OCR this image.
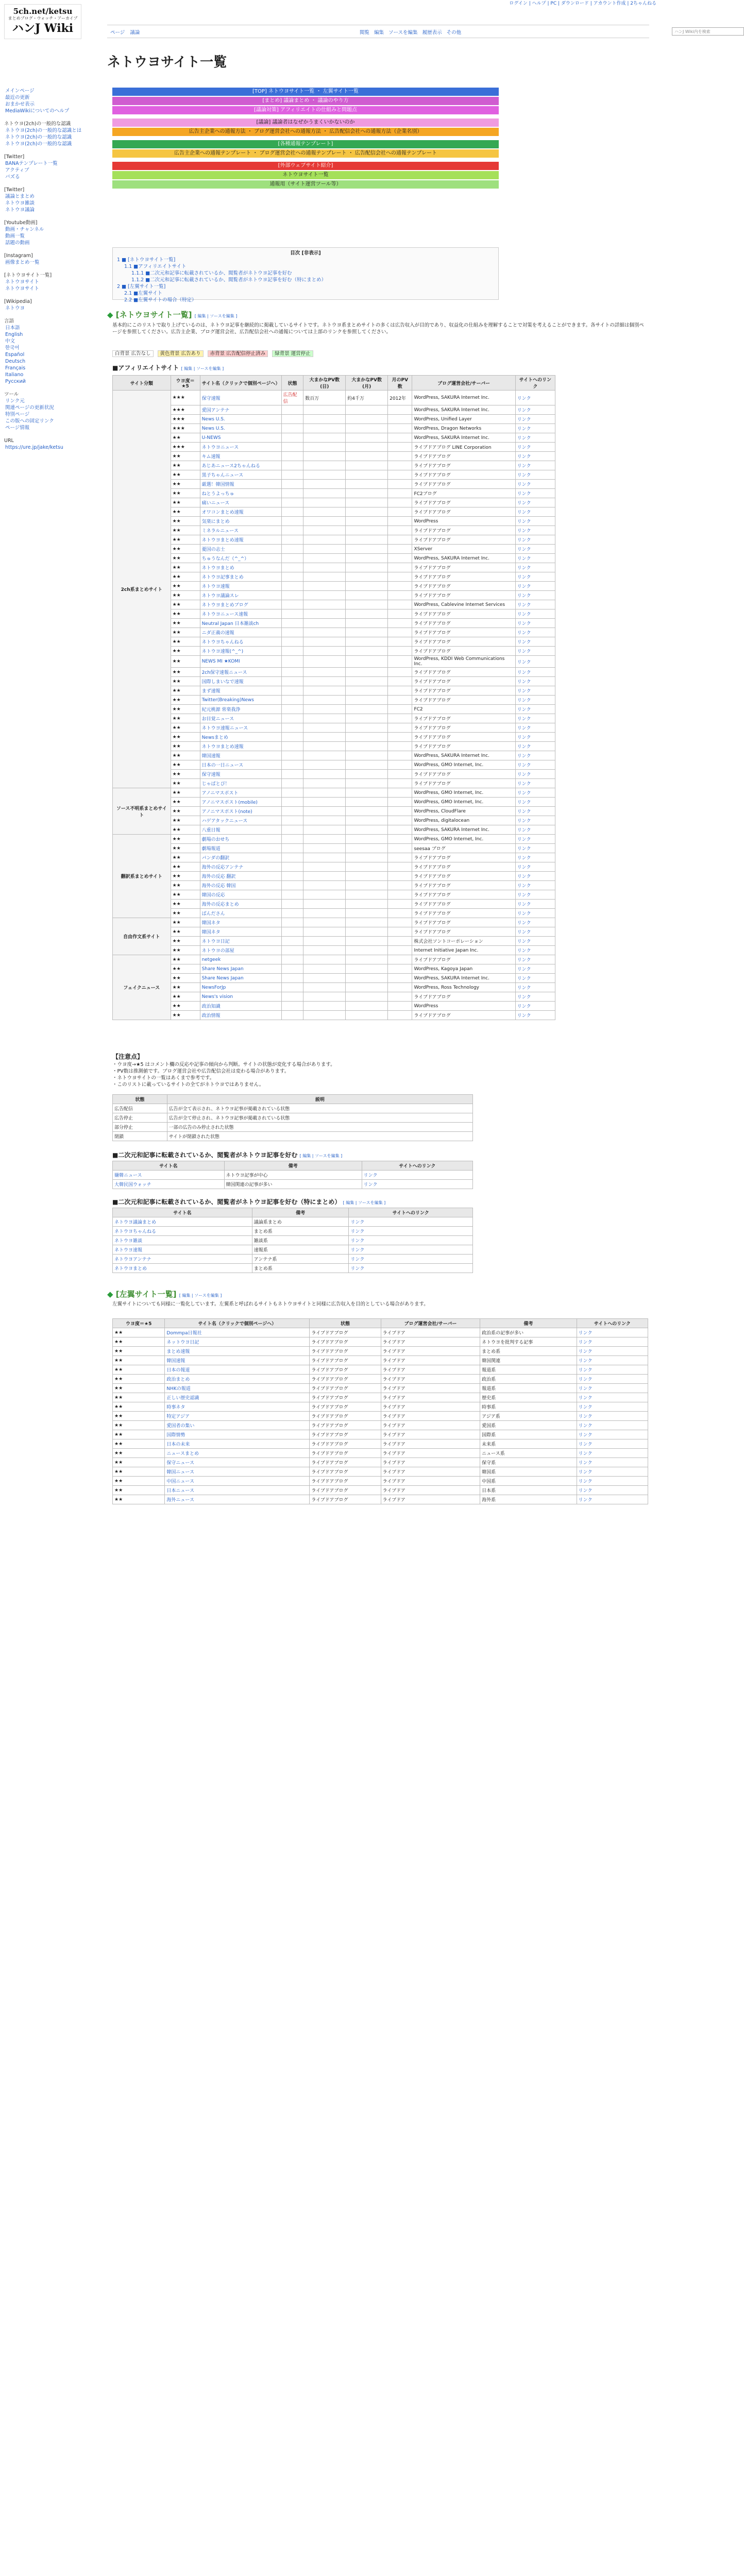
ログイン | ヘルプ | PC | ダウンロード | アカウント作成 | 2ちゃんねる
5ch.net/ketsu
まとめブログ・ウォッチ・アーカイブ
ハンJ Wiki
メインページ
最近の更新
おまかせ表示
MediaWikiについてのヘルプ
ネトウヨ(2ch)の一般的な認識
ネトウヨ(2ch)の一般的な認識とは
ネトウヨ(2ch)の一般的な認識
ネトウヨ(2ch)の一般的な認識
[Twitter]
BANAテンプレート一覧
アクティブ
バズる
[Twitter]
議論とまとめ
ネトウヨ雑談
ネトウヨ議論
[Youtube動画]
動画・チャンネル
動画一覧
話題の動画
[Instagram]
画像まとめ一覧
[ネトウヨサイト一覧]
ネトウヨサイト
ネトウヨサイト
[Wikipedia]
ネトウヨ
言語
日本語
English
中文
한국어
Español
Deutsch
Français
Italiano
Русский
ツール
リンク元
関連ページの更新状況
特別ページ
この版への固定リンク
ページ情報
URL
https://ure.jp/jake/ketsu
ページ 議論	閲覧 編集 ソースを編集 履歴表示 その他	ハンJ Wiki内を検索
ネトウヨサイト一覧
[TOP] ネトウヨサイト一覧 ・ 左翼サイト一覧
[まとめ] 議論まとめ ・ 議論のやり方
[議論対策] アフィリエイトの仕組みと問題点
[議論] 議論者はなぜかうまくいかないのか
広告主企業への通報方法 ・ ブログ運営会社への通報方法 ・ 広告配信会社への通報方法（企業名別）
[各種通報テンプレート]
広告主企業への通報テンプレート ・ ブログ運営会社への通報テンプレート ・ 広告配信会社への通報テンプレート
[外部ウェブサイト紹介]
ネトウヨサイト一覧
通報用（サイト運営ツール等）
目次 [非表示]
1 ■ [ネトウヨサイト一覧]
1.1 ■アフィリエイトサイト
1.1.1 ■二次元和記事に転載されているか、閲覧者がネトウヨ記事を好む
1.1.2 ■二次元和記事に転載されているか、閲覧者がネトウヨ記事を好む（特にまとめ）
2 ■ [左翼サイト一覧]
2.1 ■左翼サイト
2.2 ■左翼サイトの場合（特定）
◆ [ネトウヨサイト一覧] [ 編集 | ソースを編集 ]
基本的にこのリストで取り上げているのは、ネトウヨ記事を継続的に掲載しているサイトです。ネトウヨ系まとめサイトの多くは広告収入が目的であり、収益化の仕組みを理解することで対策を考えることができます。各サイトの詳細は個別ページを参照してください。広告主企業、ブログ運営会社、広告配信会社への通報については上部のリンクを参照してください。
白背景 広告なし 黄色背景 広告あり 赤背景 広告配信停止済み 緑背景 運営停止
■アフィリエイトサイト [ 編集 | ソースを編集 ]
サイト分類	ウヨ度＝★5	サイト名（クリックで個別ページへ）	状態	大まかなPV数(日)	大まかなPV数(月)	月のPV数	ブログ運営会社/サーバー	サイトへのリンク
2ch系まとめサイト	★★★	保守速報	広告配信	数百万	約4千万	2012年	WordPress, SAKURA Internet Inc.	リンク
	★★★	愛国アンテナ					WordPress, SAKURA Internet Inc.	リンク
	★★★	News U.S.					WordPress, Unified Layer	リンク
	★★★	News U.S.					WordPress, Dragon Networks	リンク
	★★	U-NEWS					WordPress, SAKURA Internet Inc.	リンク
	★★★	ネトウヨニュース					ライブドアブログ LINE Corporation	リンク
	★★	キム速報					ライブドアブログ	リンク
	★★	あじあニュース2ちゃんねる					ライブドアブログ	リンク
	★★	黒子ちゃんニュース					ライブドアブログ	リンク
	★★	厳選！韓国情報					ライブドアブログ	リンク
	★★	ねとうよっちゅ					FC2ブログ	リンク
	★★	痛いニュース					ライブドアブログ	リンク
	★★	オワコンまとめ速報					ライブドアブログ	リンク
	★★	気楽にまとめ					WordPress	リンク
	★★	ミネラルニュース					ライブドアブログ	リンク
	★★	ネトウヨまとめ速報					ライブドアブログ	リンク
	★★	憂国の志士					XServer	リンク
	★★	ちゅうなんだ（^_^）					WordPress, SAKURA Internet Inc.	リンク
	★★	ネトウヨまとめ					ライブドアブログ	リンク
	★★	ネトウヨ記事まとめ					ライブドアブログ	リンク
	★★	ネトウヨ速報					ライブドアブログ	リンク
	★★	ネトウヨ議論スレ					ライブドアブログ	リンク
	★★	ネトウヨまとめブログ					WordPress, Cablevine Internet Services	リンク
	★★	ネトウヨニュース速報					ライブドアブログ	リンク
	★★	Neutral Japan 日本雑談ch					ライブドアブログ	リンク
	★★	ニダ正義の速報					ライブドアブログ	リンク
	★★	ネトウヨちゃんねる					ライブドアブログ	リンク
	★★	ネトウヨ速報(^_^)					ライブドアブログ	リンク
	★★	NEWS MI ★KOMI					WordPress, KDDI Web Communications Inc.	リンク
	★★	2ch保守速報ニュース					ライブドアブログ	リンク
	★★	国際しまいなで速報					ライブドアブログ	リンク
	★★	まず速報					ライブドアブログ	リンク
	★★	Twitter(Breaking)News					ライブドアブログ	リンク
	★★	紀元桃源 常楽我浄					FC2	リンク
	★★	お目覚ニュース					ライブドアブログ	リンク
	★★	ネトウヨ速報ニュース					ライブドアブログ	リンク
	★★	Newsまとめ					ライブドアブログ	リンク
	★★	ネトウヨまとめ速報					ライブドアブログ	リンク
	★★	韓国速報					WordPress, SAKURA Internet Inc.	リンク
	★★	日本の一日ニュース					WordPress, GMO Internet, Inc.	リンク
	★★	保守速報					ライブドアブログ	リンク
	★★	じゃぱとぴ！					ライブドアブログ	リンク
ソース不明系まとめサイト	★★	アノニマスポスト					WordPress, GMO Internet, Inc.	リンク
	★★	アノニマスポスト(mobile)					WordPress, GMO Internet, Inc.	リンク
	★★	アノニマスポスト(note)					WordPress, CloudFlare	リンク
	★★	ハゲアタックニュース					WordPress, digitalocean	リンク
	★★	八重日報					WordPress, SAKURA Internet Inc.	リンク
翻訳系まとめサイト	★★	劇場のおせち					WordPress, GMO Internet, Inc.	リンク
	★★	劇場報道					seesaa ブログ	リンク
	★★	パンダの翻訳					ライブドアブログ	リンク
	★★	海外の反応アンテナ					ライブドアブログ	リンク
	★★	海外の反応 翻訳					ライブドアブログ	リンク
	★★	海外の反応 韓国					ライブドアブログ	リンク
	★★	韓国の反応					ライブドアブログ	リンク
	★★	海外の反応まとめ					ライブドアブログ	リンク
	★★	ぱんださん					ライブドアブログ	リンク
自由作文系サイト	★★	韓国ネタ					ライブドアブログ	リンク
	★★	韓国ネタ					ライブドアブログ	リンク
	★★	ネトウヨ日記					株式会社ソントコーポレーション	リンク
	★★	ネトウヨの部屋					Internet Initiative Japan Inc.	リンク
フェイクニュース	★★	netgeek					ライブドアブログ	リンク
	★★	Share News Japan					WordPress, Kagoya Japan	リンク
	★★	Share News Japan					WordPress, SAKURA Internet Inc.	リンク
	★★	NewsForJp					WordPress, Ross Technology	リンク
	★★	News's vision					ライブドアブログ	リンク
	★★	政治知識					WordPress	リンク
	★★	政治情報					ライブドアブログ	リンク
【注意点】
・ウヨ度→★5 はコメント欄の反応や記事の傾向から判断。サイトの状態が変化する場合があります。
・PV数は推測値です。ブログ運営会社や広告配信会社は変わる場合があります。
・ネトウヨサイトの一覧はあくまで参考です。
・このリストに載っているサイトの全てがネトウヨではありません。
状態	説明
広告配信	広告が全て表示され、ネトウヨ記事が掲載されている状態
広告停止	広告が全て停止され、ネトウヨ記事が掲載されている状態
部分停止	一部の広告のみ停止された状態
閉鎖	サイトが閉鎖された状態
■二次元和記事に転載されているか、閲覧者がネトウヨ記事を好む [ 編集 | ソースを編集 ]
サイト名	備考	サイトへのリンク
嫌韓ニュース	ネトウヨ記事が中心	リンク
大韓民国ウォッチ	韓国関連の記事が多い	リンク
■二次元和記事に転載されているか、閲覧者がネトウヨ記事を好む（特にまとめ） [ 編集 | ソースを編集 ]
サイト名	備考	サイトへのリンク
ネトウヨ議論まとめ	議論系まとめ	リンク
ネトウヨちゃんねる	まとめ系	リンク
ネトウヨ雑談	雑談系	リンク
ネトウヨ速報	速報系	リンク
ネトウヨアンテナ	アンテナ系	リンク
ネトウヨまとめ	まとめ系	リンク
◆ [左翼サイト一覧] [ 編集 | ソースを編集 ]
左翼サイトについても同様に一覧化しています。左翼系と呼ばれるサイトもネトウヨサイトと同様に広告収入を目的としている場合があります。
ウヨ度＝★5	サイト名（クリックで個別ページへ）	状態	ブログ運営会社/サーバー	備考	サイトへのリンク
★★	Dommpa日報社	ライブドアブログ	ライブドア	政治系の記事が多い	リンク
★★	ネットウヨ日記	ライブドアブログ	ライブドア	ネトウヨを批判する記事	リンク
★★	まとめ速報	ライブドアブログ	ライブドア	まとめ系	リンク
★★	韓国速報	ライブドアブログ	ライブドア	韓国関連	リンク
★★	日本の報道	ライブドアブログ	ライブドア	報道系	リンク
★★	政治まとめ	ライブドアブログ	ライブドア	政治系	リンク
★★	NHKの報道	ライブドアブログ	ライブドア	報道系	リンク
★★	正しい歴史認識	ライブドアブログ	ライブドア	歴史系	リンク
★★	時事ネタ	ライブドアブログ	ライブドア	時事系	リンク
★★	特定アジア	ライブドアブログ	ライブドア	アジア系	リンク
★★	愛国者の集い	ライブドアブログ	ライブドア	愛国系	リンク
★★	国際情勢	ライブドアブログ	ライブドア	国際系	リンク
★★	日本の未来	ライブドアブログ	ライブドア	未来系	リンク
★★	ニュースまとめ	ライブドアブログ	ライブドア	ニュース系	リンク
★★	保守ニュース	ライブドアブログ	ライブドア	保守系	リンク
★★	韓国ニュース	ライブドアブログ	ライブドア	韓国系	リンク
★★	中国ニュース	ライブドアブログ	ライブドア	中国系	リンク
★★	日本ニュース	ライブドアブログ	ライブドア	日本系	リンク
★★	海外ニュース	ライブドアブログ	ライブドア	海外系	リンク
